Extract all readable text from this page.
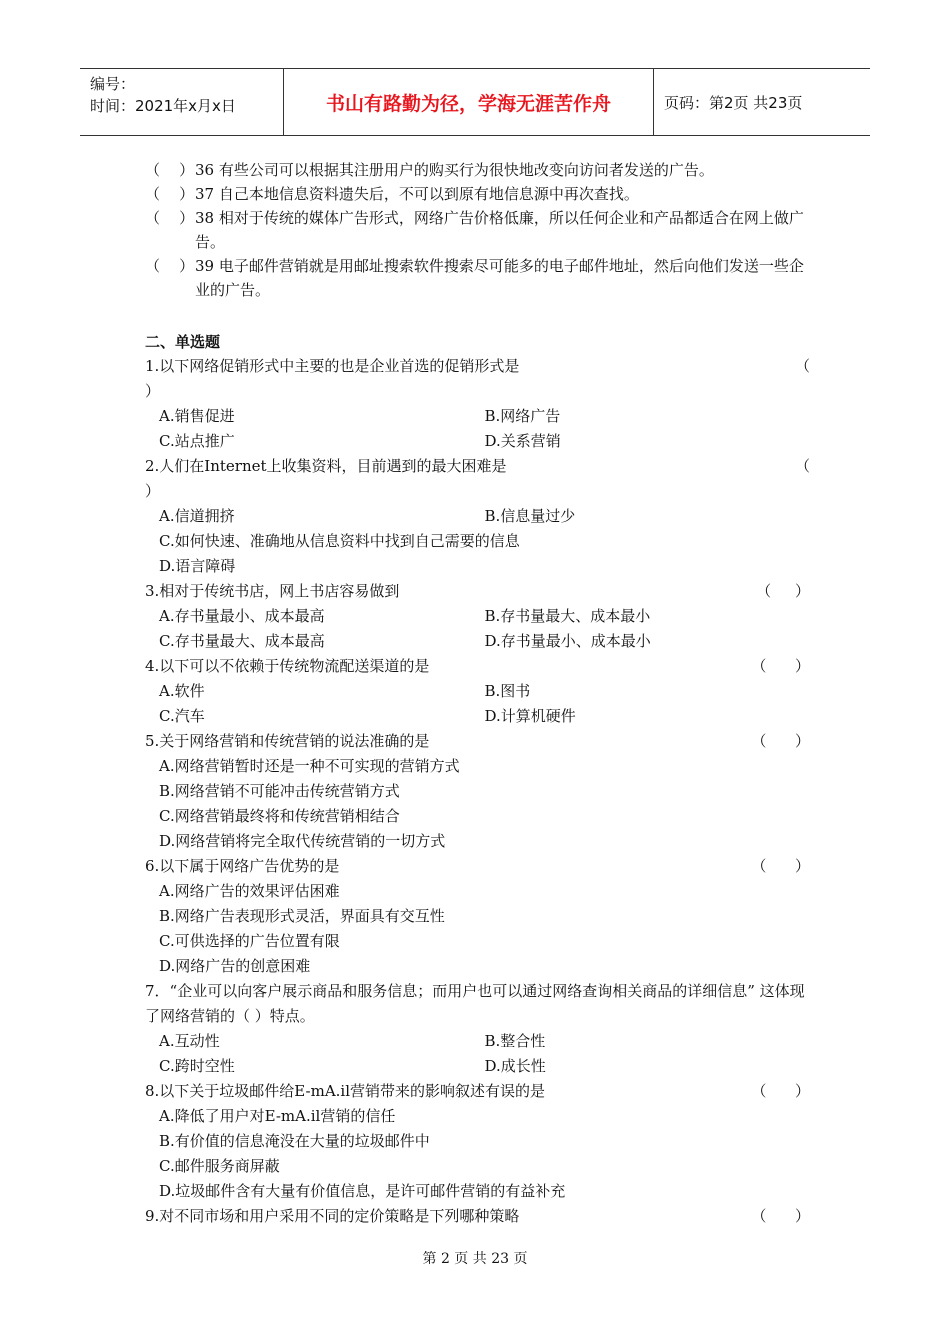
编号：
时间：2021年x月x日	书山有路勤为径，学海无涯苦作舟	页码：第2页 共23页
（    ） 36 有些公司可以根据其注册用户的购买行为很快地改变向访问者发送的广告。
（    ） 37 自己本地信息资料遗失后，不可以到原有地信息源中再次查找。
（    ） 38 相对于传统的媒体广告形式，网络广告价格低廉，所以任何企业和产品都适合在网上做广告。
（    ） 39 电子邮件营销就是用邮址搜索软件搜索尽可能多的电子邮件地址，然后向他们发送一些企业的广告。
二、单选题
1.以下网络促销形式中主要的也是企业首选的促销形式是	（
）
A.销售促进	B.网络广告
C.站点推广	D.关系营销
2.人们在Internet上收集资料，目前遇到的最大困难是	（
）
A.信道拥挤	B.信息量过少
C.如何快速、准确地从信息资料中找到自己需要的信息
D.语言障碍
3.相对于传统书店，网上书店容易做到	（     ）
A.存书量最小、成本最高	B.存书量最大、成本最小
C.存书量最大、成本最高	D.存书量最小、成本最小
4.以下可以不依赖于传统物流配送渠道的是	（      ）
A.软件	B.图书
C.汽车	D.计算机硬件
5.关于网络营销和传统营销的说法准确的是	（      ）
A.网络营销暂时还是一种不可实现的营销方式
B.网络营销不可能冲击传统营销方式
C.网络营销最终将和传统营销相结合
D.网络营销将完全取代传统营销的一切方式
6.以下属于网络广告优势的是	（      ）
A.网络广告的效果评估困难
B.网络广告表现形式灵活，界面具有交互性
C.可供选择的广告位置有限
D.网络广告的创意困难
7．“企业可以向客户展示商品和服务信息；而用户也可以通过网络查询相关商品的详细信息” 这体现了网络营销的（ ）特点。
A.互动性	B.整合性
C.跨时空性	D.成长性
8.以下关于垃圾邮件给E-mA.il营销带来的影响叙述有误的是	（      ）
A.降低了用户对E-mA.il营销的信任
B.有价值的信息淹没在大量的垃圾邮件中
C.邮件服务商屏蔽
D.垃圾邮件含有大量有价值信息，是许可邮件营销的有益补充
9.对不同市场和用户采用不同的定价策略是下列哪种策略	（      ）
第 2 页 共 23 页
